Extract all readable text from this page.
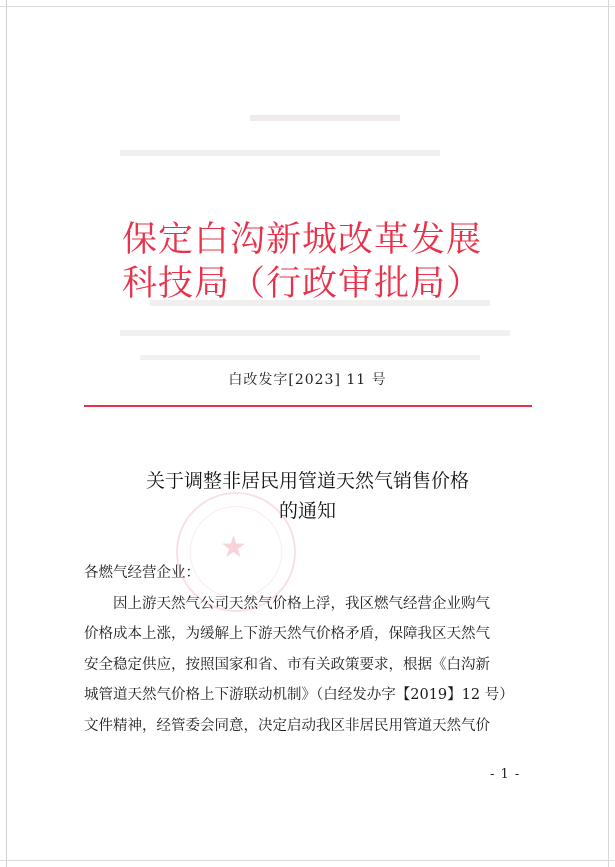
保定白沟新城改革发展
科技局（行政审批局）
白改发字[2023] 11 号
★
关于调整非居民用管道天然气销售价格
的通知

各燃气经营企业：

因上游天然气公司天然气价格上浮，我区燃气经营企业购气

价格成本上涨，为缓解上下游天然气价格矛盾，保障我区天然气

安全稳定供应，按照国家和省、市有关政策要求，根据《白沟新

城管道天然气价格上下游联动机制》（白经发办字【2019】12 号）

文件精神，经管委会同意，决定启动我区非居民用管道天然气价

- 1 -
